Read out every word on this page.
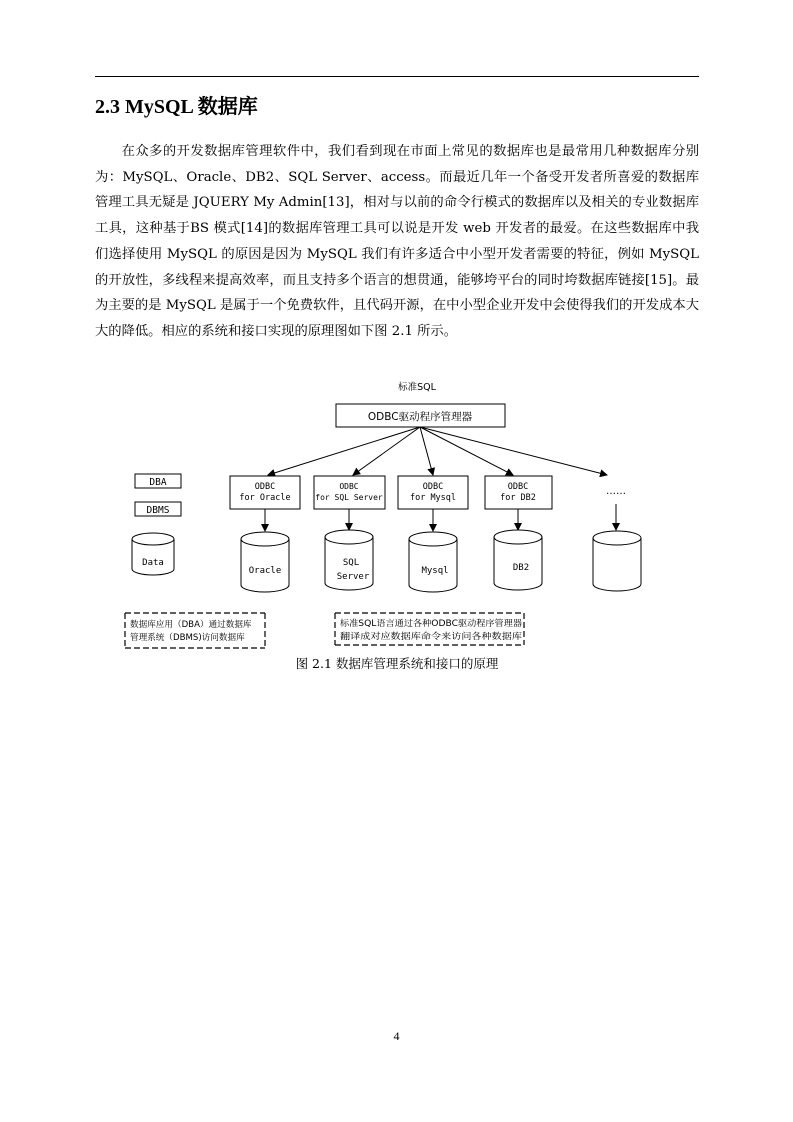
2.3 MySQL 数据库

在众多的开发数据库管理软件中，我们看到现在市面上常见的数据库也是最常用几种数据库分别为：MySQL、Oracle、DB2、SQL Server、access。而最近几年一个备受开发者所喜爱的数据库管理工具无疑是 JQUERY My Admin[13]，相对与以前的命令行模式的数据库以及相关的专业数据库工具，这种基于BS 模式[14]的数据库管理工具可以说是开发 web 开发者的最爱。在这些数据库中我们选择使用 MySQL 的原因是因为 MySQL 我们有许多适合中小型开发者需要的特征，例如 MySQL 的开放性，多线程来提高效率，而且支持多个语言的想贯通，能够垮平台的同时垮数据库链接[15]。最为主要的是 MySQL 是属于一个免费软件，且代码开源，在中小型企业开发中会使得我们的开发成本大大的降低。相应的系统和接口实现的原理图如下图 2.1 所示。

标准SQL
ODBC驱动程序管理器
DBA
DBMS
Data
ODBC
for Oracle
ODBC
for SQL Server
ODBC
for Mysql
ODBC
for DB2
……
Oracle
SQL
Server
Mysql	DB2
数据库应用（DBA）通过数据库
管理系统（DBMS)访问数据库
标准SQL语言通过各种ODBC驱动程序管理器
翻译成对应数据库命令来访问各种数据库
图 2.1 数据库管理系统和接口的原理
4
